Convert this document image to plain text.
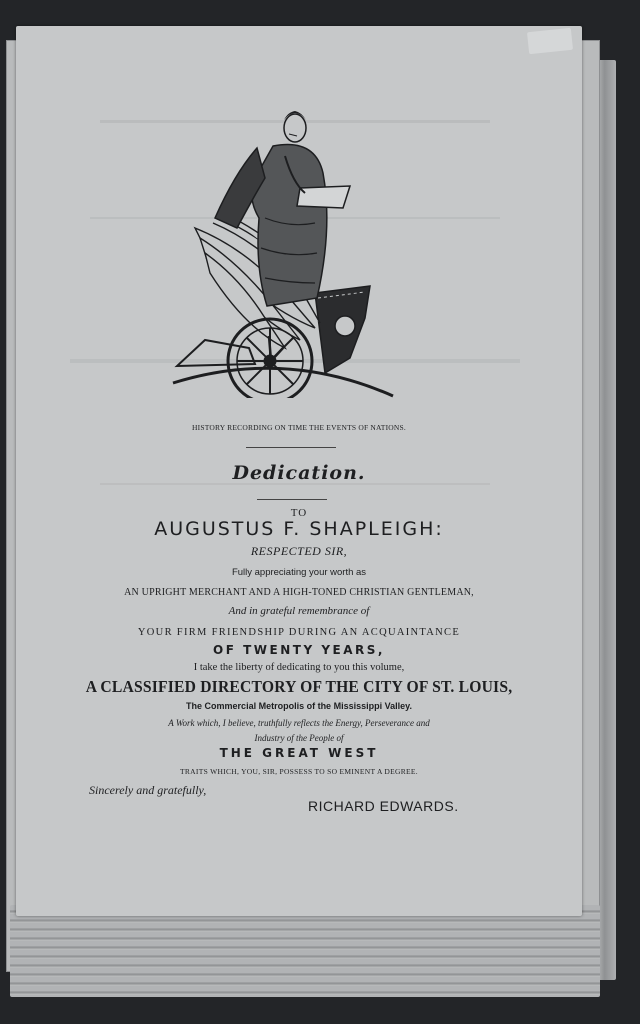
HISTORY RECORDING ON TIME THE EVENTS OF NATIONS.
Dedication.
TO
AUGUSTUS F. SHAPLEIGH:
RESPECTED SIR,
Fully appreciating your worth as
AN UPRIGHT MERCHANT AND A HIGH-TONED CHRISTIAN GENTLEMAN,
And in grateful remembrance of
YOUR FIRM FRIENDSHIP DURING AN ACQUAINTANCE
OF TWENTY YEARS,
I take the liberty of dedicating to you this volume,
A CLASSIFIED DIRECTORY OF THE CITY OF ST. LOUIS,
The Commercial Metropolis of the Mississippi Valley.
A Work which, I believe, truthfully reflects the Energy, Perseverance and
Industry of the People of
THE GREAT WEST
TRAITS WHICH, YOU, SIR, POSSESS TO SO EMINENT A DEGREE.
Sincerely and gratefully,
RICHARD EDWARDS.
